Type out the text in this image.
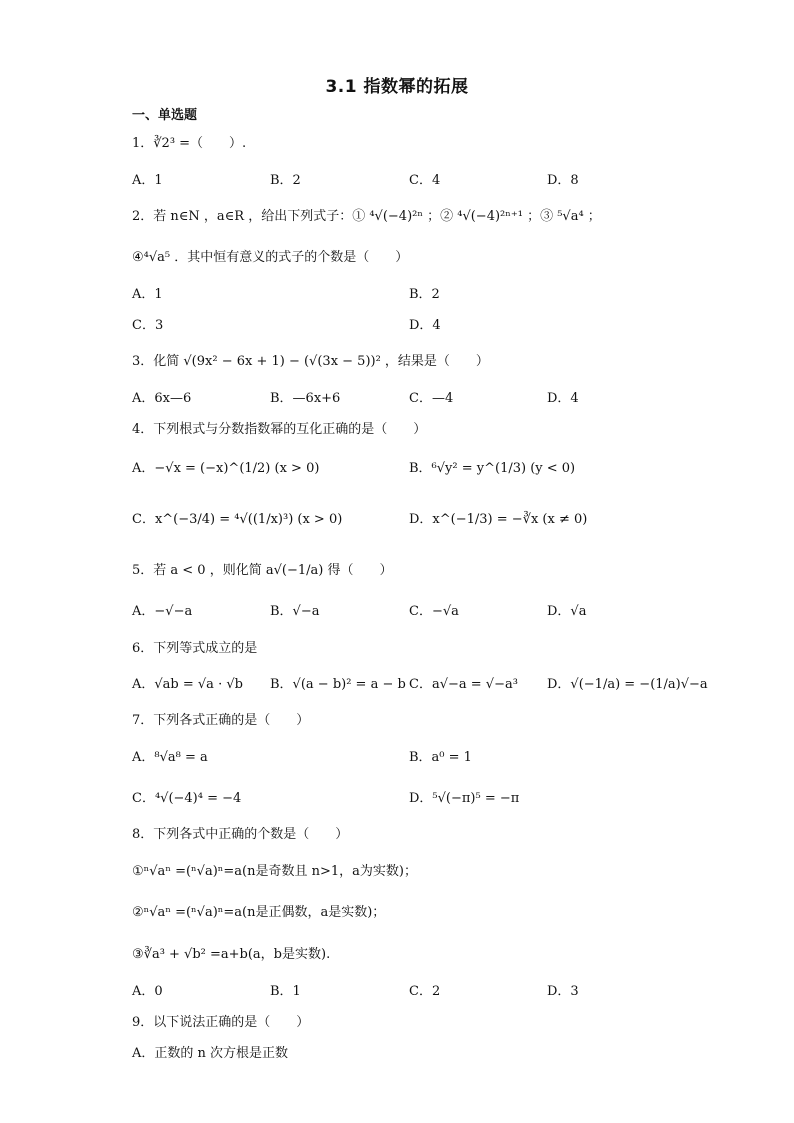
3.1 指数幂的拓展
一、单选题
1．∛2³ =（　　）.
A．1	B．2	C．4	D．8
2．若 n∈N ，a∈R ，给出下列式子：① ⁴√(−4)²ⁿ ；② ⁴√(−4)²ⁿ⁺¹ ；③ ⁵√a⁴ ；
④⁴√a⁵ ．其中恒有意义的式子的个数是（　　）
A．1	B．2
C．3	D．4
3．化简 √(9x² − 6x + 1) − (√(3x − 5))² ，结果是（　　）
A．6x—6	B．—6x+6	C．—4	D．4
4．下列根式与分数指数幂的互化正确的是（　　）
A．−√x = (−x)^(1/2) (x > 0)	B．⁶√y² = y^(1/3) (y < 0)
C．x^(−3/4) = ⁴√((1/x)³) (x > 0)	D．x^(−1/3) = −∛x (x ≠ 0)
5．若 a < 0 ，则化简 a√(−1/a) 得（　　）
A．−√−a	B．√−a	C．−√a	D．√a
6．下列等式成立的是
A．√ab = √a · √b B．√(a − b)² = a − b C．a√−a = √−a³ D．√(−1/a) = −(1/a)√−a
7．下列各式正确的是（　　）
A．⁸√a⁸ = a	B．a⁰ = 1
C．⁴√(−4)⁴ = −4	D．⁵√(−π)⁵ = −π
8．下列各式中正确的个数是（　　）
①ⁿ√aⁿ =(ⁿ√a)ⁿ=a(n是奇数且 n>1，a为实数)；
②ⁿ√aⁿ =(ⁿ√a)ⁿ=a(n是正偶数，a是实数)；
③∛a³ + √b² =a+b(a，b是实数).
A．0	B．1	C．2	D．3
9．以下说法正确的是（　　）
A．正数的 n 次方根是正数
